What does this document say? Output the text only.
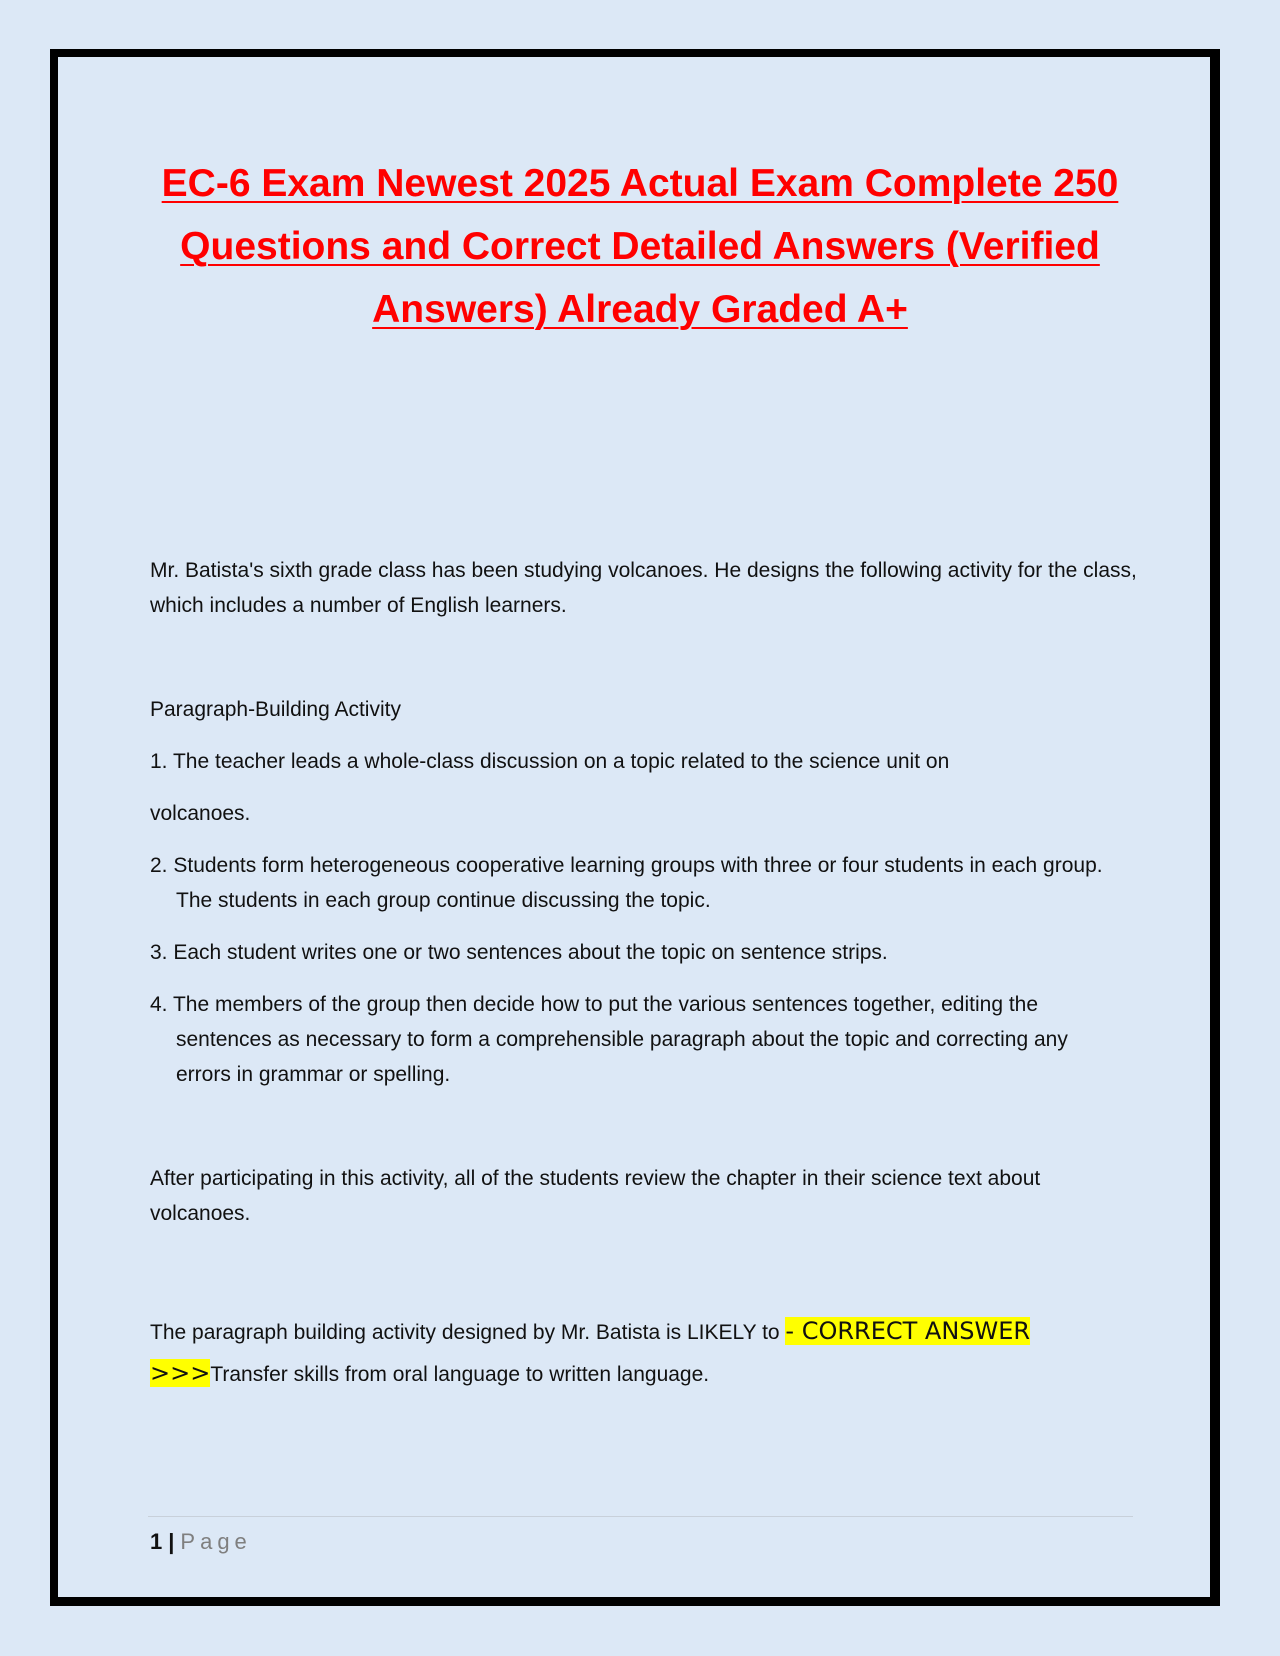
EC-6 Exam Newest 2025 Actual Exam Complete 250 Questions and Correct Detailed Answers (Verified Answers) Already Graded A+

Mr. Batista's sixth grade class has been studying volcanoes. He designs the following activity for the class, which includes a number of English learners.

Paragraph-Building Activity

1. The teacher leads a whole-class discussion on a topic related to the science unit on

volcanoes.

2. Students form heterogeneous cooperative learning groups with three or four students in each group. The students in each group continue discussing the topic.

3. Each student writes one or two sentences about the topic on sentence strips.

4. The members of the group then decide how to put the various sentences together, editing the sentences as necessary to form a comprehensible paragraph about the topic and correcting any errors in grammar or spelling.

After participating in this activity, all of the students review the chapter in their science text about volcanoes.

The paragraph building activity designed by Mr. Batista is LIKELY to - CORRECT ANSWER >>>Transfer skills from oral language to written language.

1 | Page
